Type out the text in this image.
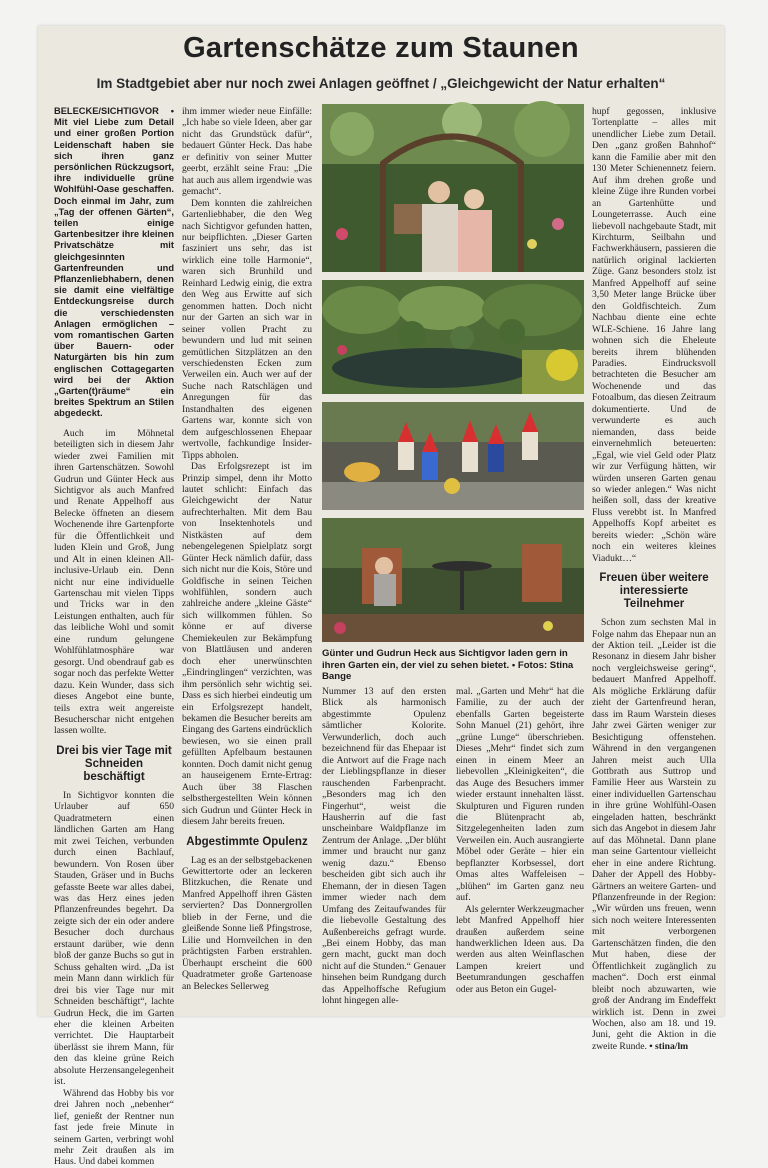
Gartenschätze zum Staunen
Im Stadtgebiet aber nur noch zwei Anlagen geöffnet / „Gleichgewicht der Natur erhalten“

BELECKE/SICHTIGVOR • Mit viel Liebe zum Detail und einer großen Portion Leidenschaft haben sie sich ihren ganz persönlichen Rückzugsort, ihre individuelle grüne Wohlfühl-Oase geschaffen. Doch einmal im Jahr, zum „Tag der offenen Gärten“, teilen einige Gartenbesitzer ihre kleinen Privatschätze mit gleichgesinnten Gartenfreunden und Pflanzenliebhabern, denen sie damit eine vielfältige Entdeckungsreise durch die verschiedensten Anlagen ermöglichen – vom romantischen Garten über Bauern- oder Naturgärten bis hin zum englischen Cottagegarten wird bei der Aktion „Garten(t)räume“ ein breites Spektrum an Stilen abgedeckt.

Auch im Möhnetal beteiligten sich in diesem Jahr wieder zwei Familien mit ihren Gartenschätzen. Sowohl Gudrun und Günter Heck aus Sichtigvor als auch Manfred und Renate Appelhoff aus Belecke öffneten an diesem Wochenende ihre Gartenpforte für die Öffentlichkeit und luden Klein und Groß, Jung und Alt in einen kleinen All-inclusive-Urlaub ein. Denn nicht nur eine individuelle Gartenschau mit vielen Tipps und Tricks war in den Leistungen enthalten, auch für das leibliche Wohl und somit eine rundum gelungene Wohlfühlatmosphäre war gesorgt. Und obendrauf gab es sogar noch das perfekte Wetter dazu. Kein Wunder, dass sich dieses Angebot eine bunte, teils extra weit angereiste Besucherschar nicht entgehen lassen wollte.

Drei bis vier Tage mit Schneiden beschäftigt

In Sichtigvor konnten die Urlauber auf 650 Quadratmetern einen ländlichen Garten am Hang mit zwei Teichen, verbunden durch einen Bachlauf, bewundern. Von Rosen über Stauden, Gräser und in Buchs gefasste Beete war alles dabei, was das Herz eines jeden Pflanzenfreundes begehrt. Da zeigte sich der ein oder andere Besucher doch durchaus erstaunt darüber, wie denn bloß der ganze Buchs so gut in Schuss gehalten wird. „Da ist mein Mann dann wirklich für drei bis vier Tage nur mit Schneiden beschäftigt“, lachte Gudrun Heck, die im Garten eher die kleinen Arbeiten verrichtet. Die Hauptarbeit überlässt sie ihrem Mann, für den das kleine grüne Reich absolute Herzensangelegenheit ist.

Während das Hobby bis vor drei Jahren noch „nebenher“ lief, genießt der Rentner nun fast jede freie Minute in seinem Garten, verbringt wohl mehr Zeit draußen als im Haus. Und dabei kommen

ihm immer wieder neue Einfälle: „Ich habe so viele Ideen, aber gar nicht das Grundstück dafür“, bedauert Günter Heck. Das habe er definitiv von seiner Mutter geerbt, erzählt seine Frau: „Die hat auch aus allem irgendwie was gemacht“.

Dem konnten die zahlreichen Gartenliebhaber, die den Weg nach Sichtigvor gefunden hatten, nur beipflichten. „Dieser Garten fasziniert uns sehr, das ist wirklich eine tolle Harmonie“, waren sich Brunhild und Reinhard Ledwig einig, die extra den Weg aus Erwitte auf sich genommen hatten. Doch nicht nur der Garten an sich war in seiner vollen Pracht zu bewundern und lud mit seinen gemütlichen Sitzplätzen an den verschiedensten Ecken zum Verweilen ein. Auch wer auf der Suche nach Ratschlägen und Anregungen für das Instandhalten des eigenen Gartens war, konnte sich von dem aufgeschlossenen Ehepaar wertvolle, fachkundige Insider-Tipps abholen.

Das Erfolgsrezept ist im Prinzip simpel, denn ihr Motto lautet schlicht: Einfach das Gleichgewicht der Natur aufrechterhalten. Mit dem Bau von Insektenhotels und Nistkästen auf dem nebengelegenen Spielplatz sorgt Günter Heck nämlich dafür, dass sich nicht nur die Kois, Störe und Goldfische in seinen Teichen wohlfühlen, sondern auch zahlreiche andere „kleine Gäste“ sich willkommen fühlen. So könne er auf diverse Chemiekeulen zur Bekämpfung von Blattläusen und anderen doch eher unerwünschten „Eindringlingen“ verzichten, was ihm persönlich sehr wichtig sei. Dass es sich hierbei eindeutig um ein Erfolgsrezept handelt, bekamen die Besucher bereits am Eingang des Gartens eindrücklich bewiesen, wo sie einen prall gefüllten Apfelbaum bestaunen konnten. Doch damit nicht genug an hauseigenem Ernte-Ertrag: Auch über 38 Flaschen selbsthergestellten Wein können sich Gudrun und Günter Heck in diesem Jahr bereits freuen.

Abgestimmte Opulenz

Lag es an der selbstgebackenen Gewittertorte oder an leckeren Blitzkuchen, die Renate und Manfred Appelhoff ihren Gästen servierten? Das Donnergrollen blieb in der Ferne, und die gleißende Sonne ließ Pfingstrose, Lilie und Hornveilchen in den prächtigsten Farben erstrahlen. Überhaupt erscheint die 600 Quadratmeter große Gartenoase an Beleckes Sellerweg

Günter und Gudrun Heck aus Sichtigvor laden gern in ihren Garten ein, der viel zu sehen bietet. • Fotos: Stina Bange

Nummer 13 auf den ersten Blick als harmonisch abgestimmte Opulenz sämtlicher Kolorite. Verwunderlich, doch auch bezeichnend für das Ehepaar ist die Antwort auf die Frage nach der Lieblingspflanze in dieser rauschenden Farbenpracht. „Besonders mag ich den Fingerhut“, weist die Hausherrin auf die fast unscheinbare Waldpflanze im Zentrum der Anlage. „Der blüht immer und braucht nur ganz wenig dazu.“ Ebenso bescheiden gibt sich auch ihr Ehemann, der in diesen Tagen immer wieder nach dem Umfang des Zeitaufwandes für die liebevolle Gestaltung des Außenbereichs gefragt wurde. „Bei einem Hobby, das man gern macht, guckt man doch nicht auf die Stunden.“ Genauer hinsehen beim Rundgang durch das Appelhoffsche Refugium lohnt hingegen alle-

mal. „Garten und Mehr“ hat die Familie, zu der auch der ebenfalls Garten begeisterte Sohn Manuel (21) gehört, ihre „grüne Lunge“ überschrieben. Dieses „Mehr“ findet sich zum einen in einem Meer an liebevollen „Kleinigkeiten“, die das Auge des Besuchers immer wieder erstaunt innehalten lässt. Skulpturen und Figuren runden die Blütenpracht ab, Sitzgelegenheiten laden zum Verweilen ein. Auch ausrangierte Möbel oder Geräte – hier ein bepflanzter Korbsessel, dort Omas altes Waffeleisen – „blühen“ im Garten ganz neu auf.

Als gelernter Werkzeugmacher lebt Manfred Appelhoff hier draußen außerdem seine handwerklichen Ideen aus. Da werden aus alten Weinflaschen Lampen kreiert und Beetumrandungen geschaffen oder aus Beton ein Gugel-

hupf gegossen, inklusive Tortenplatte – alles mit unendlicher Liebe zum Detail. Den „ganz großen Bahnhof“ kann die Familie aber mit den 130 Meter Schienennetz feiern. Auf ihm drehen große und kleine Züge ihre Runden vorbei an Gartenhütte und Loungeterrasse. Auch eine liebevoll nachgebaute Stadt, mit Kirchturm, Seilbahn und Fachwerkhäusern, passieren die natürlich original lackierten Züge. Ganz besonders stolz ist Manfred Appelhoff auf seine 3,50 Meter lange Brücke über den Goldfischteich. Zum Nachbau diente eine echte WLE-Schiene. 16 Jahre lang wohnen sich die Eheleute bereits ihrem blühenden Paradies. Eindrucksvoll betrachteten die Besucher am Wochenende und das Fotoalbum, das diesen Zeitraum dokumentierte. Und de verwunderte es auch niemanden, dass beide einvernehmlich beteuerten: „Egal, wie viel Geld oder Platz wir zur Verfügung hätten, wir würden unseren Garten genau so wieder anlegen.“ Was nicht heißen soll, dass der kreative Fluss verebbt ist. In Manfred Appelhoffs Kopf arbeitet es bereits wieder: „Schön wäre noch ein weiteres kleines Viadukt…“

Freuen über weitere interessierte Teilnehmer

Schon zum sechsten Mal in Folge nahm das Ehepaar nun an der Aktion teil. „Leider ist die Resonanz in diesem Jahr bisher noch vergleichsweise gering“, bedauert Manfred Appelhoff. Als mögliche Erklärung dafür zieht der Gartenfreund heran, dass im Raum Warstein dieses Jahr zwei Gärten weniger zur Besichtigung offenstehen. Während in den vergangenen Jahren meist auch Ulla Gottbrath aus Suttrop und Familie Heer aus Warstein zu einer individuellen Gartenschau in ihre grüne Wohlfühl-Oasen eingeladen hatten, beschränkt sich das Angebot in diesem Jahr auf das Möhnetal. Dann plane man seine Gartentour vielleicht eher in eine andere Richtung. Daher der Appell des Hobby-Gärtners an weitere Garten- und Pflanzenfreunde in der Region: „Wir würden uns freuen, wenn sich noch weitere Interessenten mit verborgenen Gartenschätzen finden, die den Mut haben, diese der Öffentlichkeit zugänglich zu machen“. Doch erst einmal bleibt noch abzuwarten, wie groß der Andrang im Endeffekt wirklich ist. Denn in zwei Wochen, also am 18. und 19. Juni, geht die Aktion in die zweite Runde. • stina/lm
